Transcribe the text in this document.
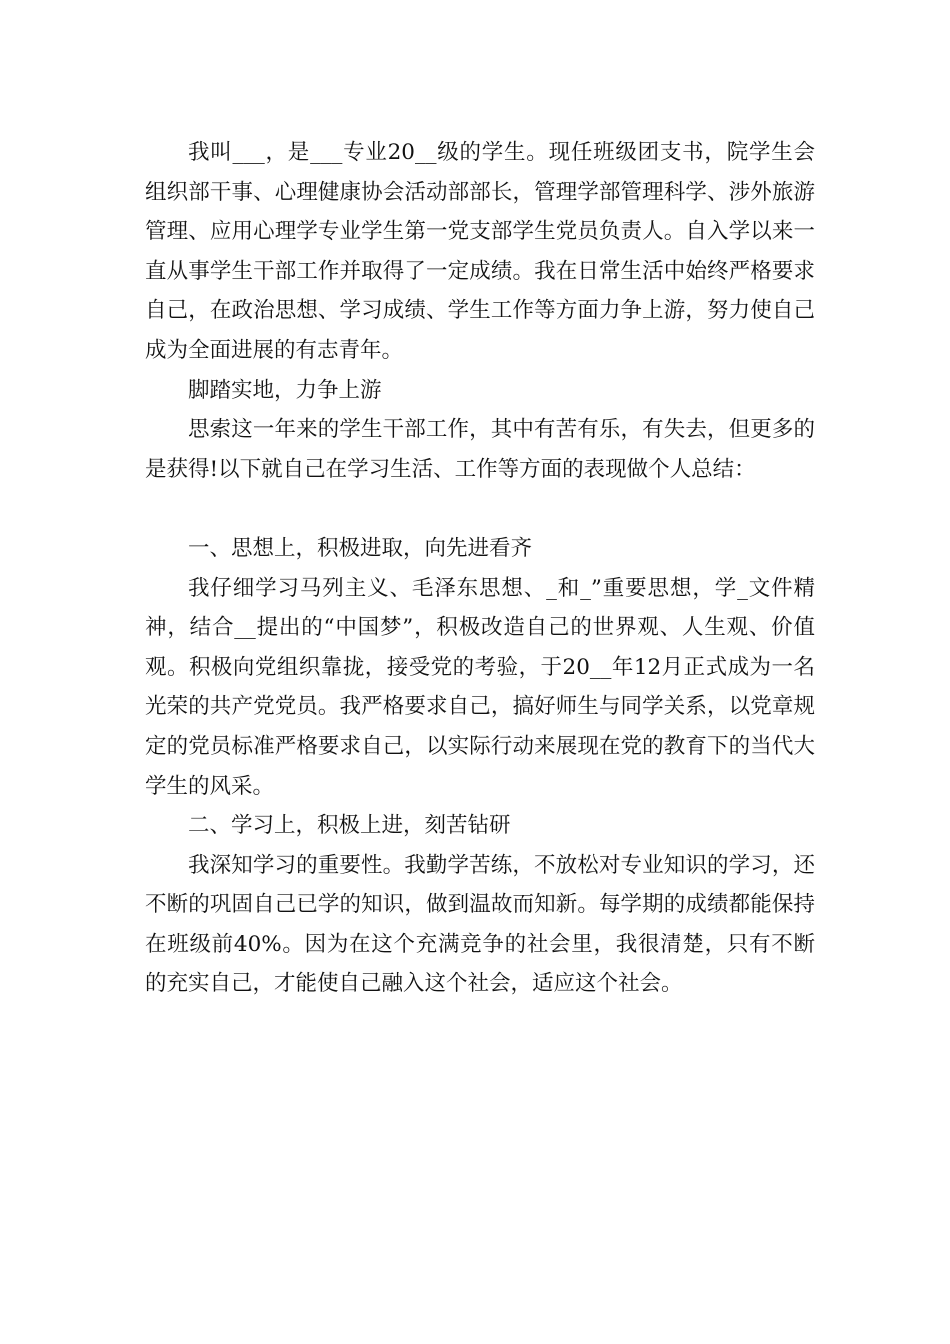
我叫___，是___专业20__级的学生。现任班级团支书，院学生会组织部干事、心理健康协会活动部部长，管理学部管理科学、涉外旅游管理、应用心理学专业学生第一党支部学生党员负责人。自入学以来一直从事学生干部工作并取得了一定成绩。我在日常生活中始终严格要求自己，在政治思想、学习成绩、学生工作等方面力争上游，努力使自己成为全面进展的有志青年。

脚踏实地，力争上游

思索这一年来的学生干部工作，其中有苦有乐，有失去，但更多的是获得!以下就自己在学习生活、工作等方面的表现做个人总结：

一、思想上，积极进取，向先进看齐

我仔细学习马列主义、毛泽东思想、_和_”重要思想，学_文件精神，结合__提出的“中国梦”，积极改造自己的世界观、人生观、价值观。积极向党组织靠拢，接受党的考验，于20__年12月正式成为一名光荣的共产党党员。我严格要求自己，搞好师生与同学关系，以党章规定的党员标准严格要求自己，以实际行动来展现在党的教育下的当代大学生的风采。

二、学习上，积极上进，刻苦钻研

我深知学习的重要性。我勤学苦练，不放松对专业知识的学习，还不断的巩固自己已学的知识，做到温故而知新。每学期的成绩都能保持在班级前40%。因为在这个充满竞争的社会里，我很清楚，只有不断的充实自己，才能使自己融入这个社会，适应这个社会。
